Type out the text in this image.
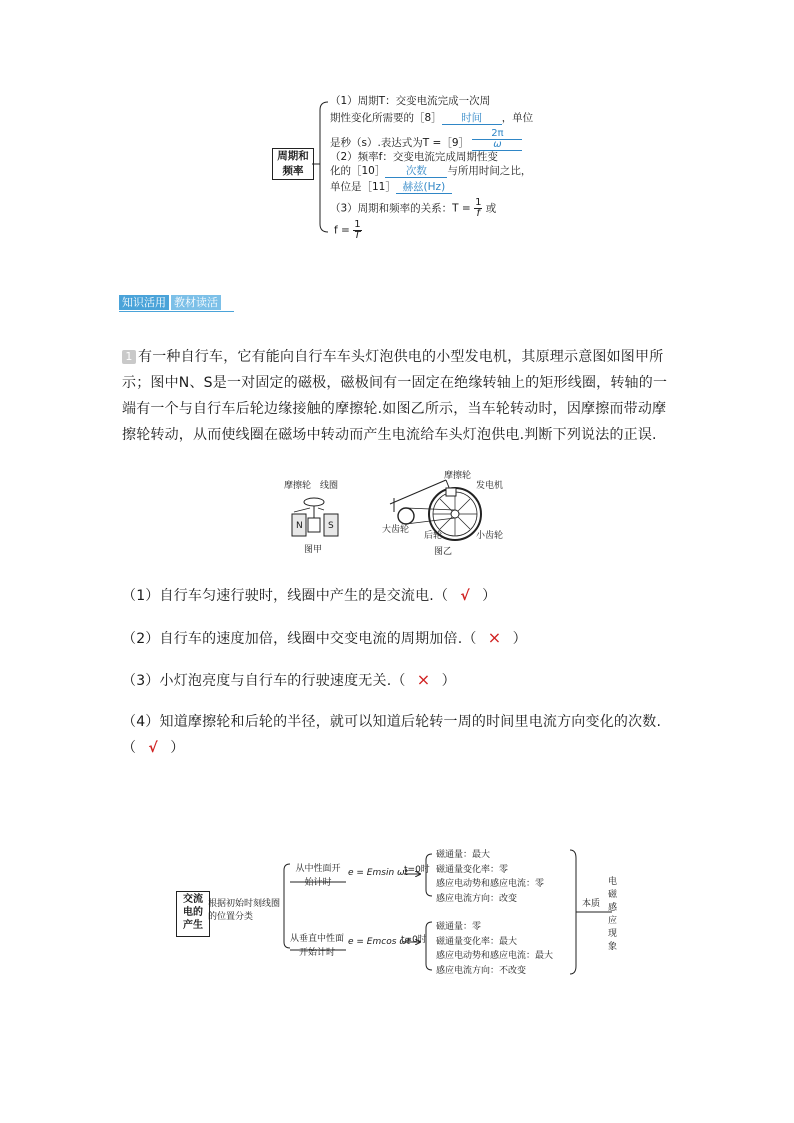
周期和频率
（1）周期T：交变电流完成一次周
期性变化所需要的［8］ 时间 ，单位
是秒（s）.表达式为T =［9］ $\frac{2\pi}{\omega}$
（2）频率f：交变电流完成周期性变
化的［10］ 次数 与所用时间之比，
单位是［11］ 赫兹(Hz)
（3）周期和频率的关系：$T = \frac{1}{f}$ 或
$f = \frac{1}{T}$
知识活用 教材读活
1 有一种自行车，它有能向自行车车头灯泡供电的小型发电机，其原理示意图如图甲所示；图中N、S是一对固定的磁极，磁极间有一固定在绝缘转轴上的矩形线圈，转轴的一端有一个与自行车后轮边缘接触的摩擦轮.如图乙所示，当车轮转动时，因摩擦而带动摩擦轮转动，从而使线圈在磁场中转动而产生电流给车头灯泡供电.判断下列说法的正误.
摩擦轮 线圈
N	S
图甲
摩擦轮
发电机
大齿轮
后轮	小齿轮
图乙
（1）自行车匀速行驶时，线圈中产生的是交流电.（ √ ）
（2）自行车的速度加倍，线圈中交变电流的周期加倍.（ × ）
（3）小灯泡亮度与自行车的行驶速度无关.（ × ）
（4）知道摩擦轮和后轮的半径，就可以知道后轮转一周的时间里电流方向变化的次数.
（ √ ）
交流电的产生
根据初始时刻线圈的位置分类
从中性面开始计时
e = Emsin ωt
t=0时
从垂直中性面开始计时
e = Emcos ωt
t=0时
磁通量：最大
磁通量变化率：零
感应电动势和感应电流：零
感应电流方向：改变
磁通量：零
磁通量变化率：最大
感应电动势和感应电流：最大
感应电流方向：不改变
本质
电磁感应现象
